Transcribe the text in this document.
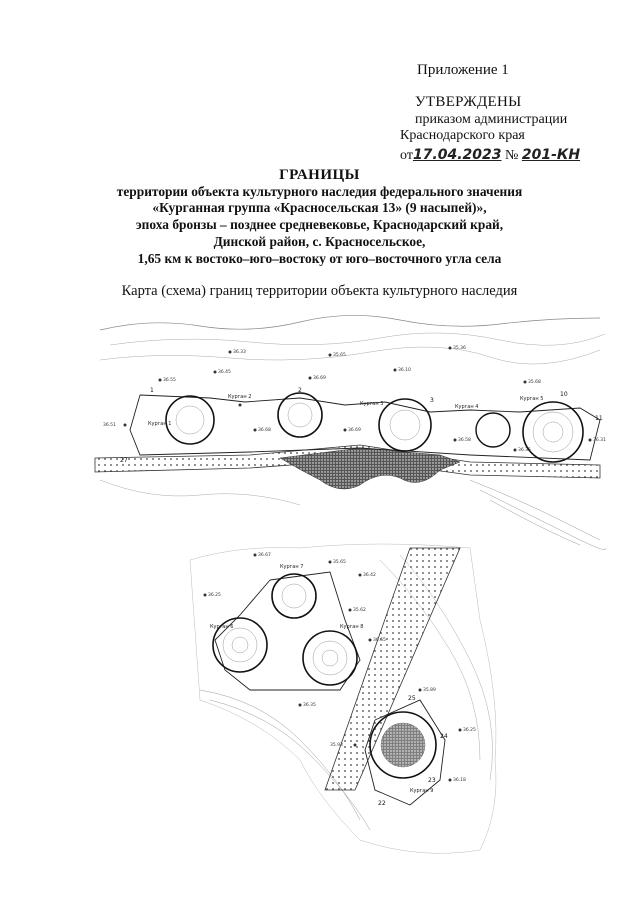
Приложение 1
УТВЕРЖДЕНЫ
приказом администрации
Краснодарского края
от17.04.2023 № 201-КН
ГРАНИЦЫ
территории объекта культурного наследия федерального значения
«Курганная группа «Красносельская 13» (9 насыпей)»,
эпоха бронзы – позднее средневековье, Краснодарский край,
Динской район, с. Красносельское,
1,65 км к востоко–юго–востоку от юго–восточного угла села
Карта (схема) границ территории объекта культурного наследия
36.33
35.65
35.36
36.45
36.69
36.10
35.68
36.55
36.68	36.69
36.58
36.35
36.51
36.31
Курган 1
Курган 2
Курган 3	Курган 4
Курган 5
1	2
3
10
11
27
36.67
35.65
36.42
36.25
35.62
36.65
35.89
36.25
36.18
36.35
35.93
Курган 7
Курган 6	Курган 8
Курган 9
25
24
23
22
